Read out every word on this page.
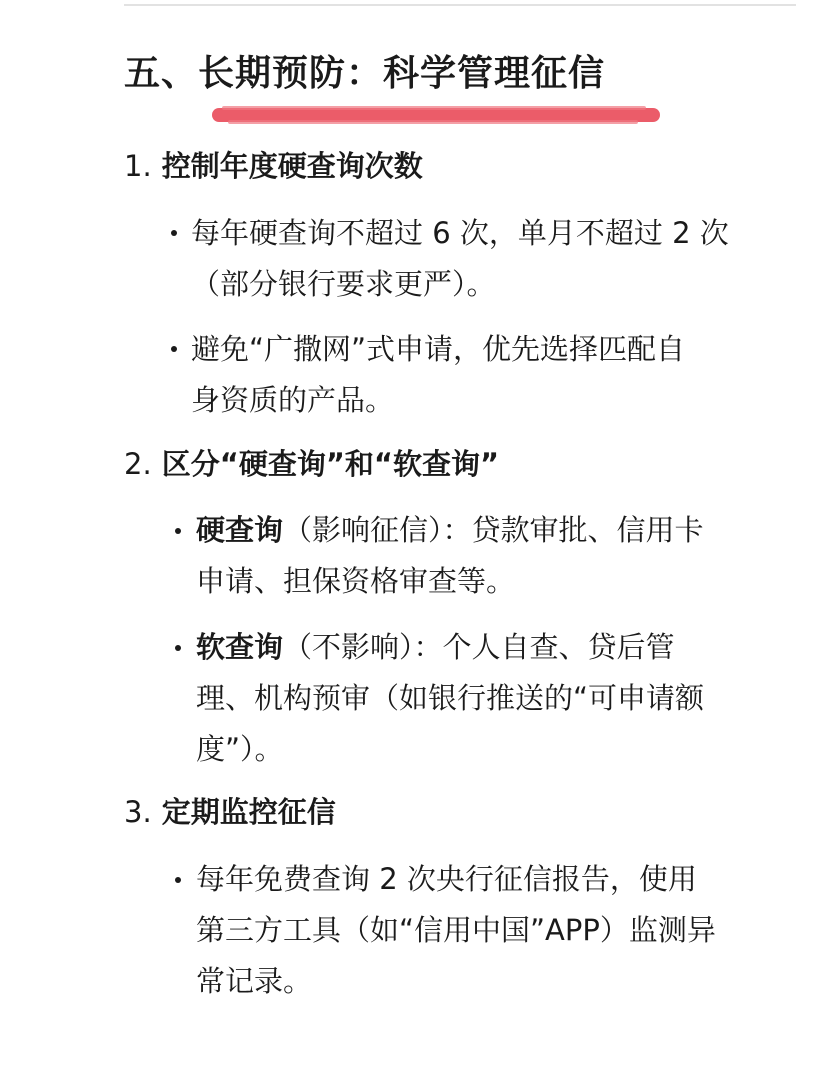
五、长期预防：科学管理征信
1. 控制年度硬查询次数
每年硬查询不超过 6 次，单月不超过 2 次
（部分银行要求更严）。
避免“广撒网”式申请，优先选择匹配自
身资质的产品。
2. 区分“硬查询”和“软查询”
硬查询（影响征信）：贷款审批、信用卡
申请、担保资格审查等。
软查询（不影响）：个人自查、贷后管
理、机构预审（如银行推送的“可申请额
度”）。
3. 定期监控征信
每年免费查询 2 次央行征信报告，使用
第三方工具（如“信用中国”APP）监测异
常记录。
